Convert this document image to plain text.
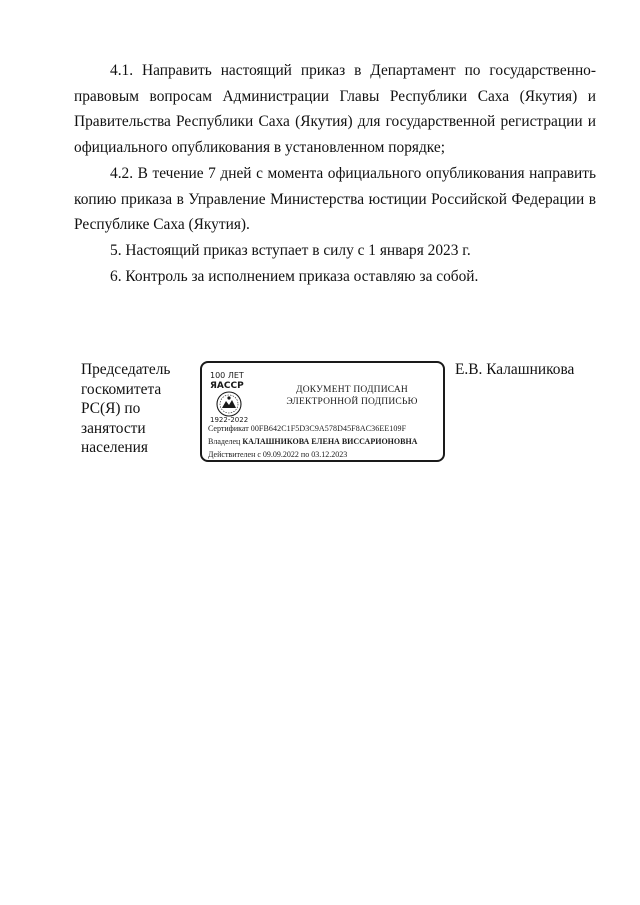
4.1. Направить настоящий приказ в Департамент по государственно-правовым вопросам Администрации Главы Республики Саха (Якутия) и Правительства Республики Саха (Якутия) для государственной регистрации и официального опубликования в установленном порядке;

4.2. В течение 7 дней с момента официального опубликования направить копию приказа в Управление Министерства юстиции Российской Федерации в Республике Саха (Якутия).

5. Настоящий приказ вступает в силу с 1 января 2023 г.

6. Контроль за исполнением приказа оставляю за собой.

Председатель
госкомитета
РС(Я) по
занятости
населения
100 ЛЕТ
ЯАССР
1922-2022
ДОКУМЕНТ ПОДПИСАН
ЭЛЕКТРОННОЙ ПОДПИСЬЮ
Сертификат 00FB642C1F5D3C9A578D45F8AC36EE109F
Владелец КАЛАШНИКОВА ЕЛЕНА ВИССАРИОНОВНА
Действителен с 09.09.2022 по 03.12.2023
Е.В. Калашникова
